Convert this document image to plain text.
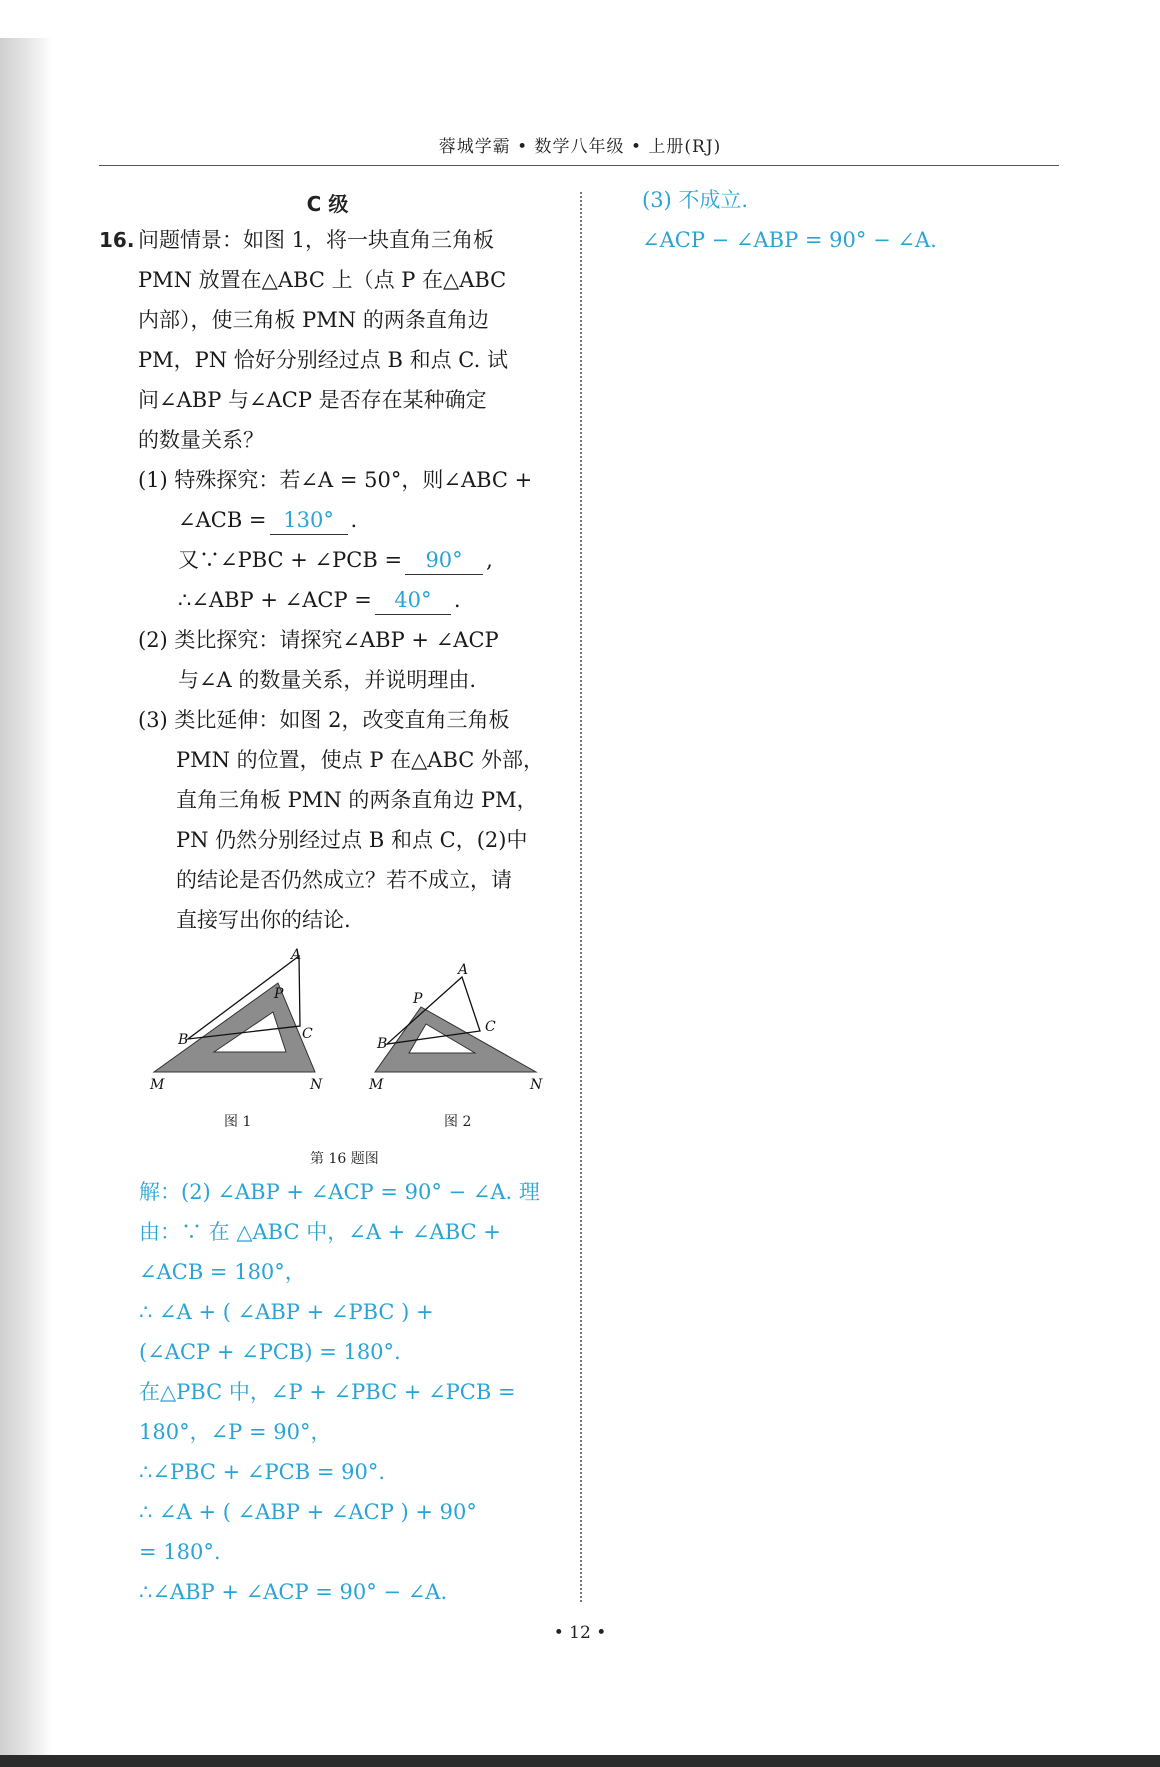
蓉城学霸 • 数学八年级 • 上册(RJ)
C 级
16. 问题情景：如图 1，将一块直角三角板
PMN 放置在△ABC 上（点 P 在△ABC
内部），使三角板 PMN 的两条直角边
PM，PN 恰好分别经过点 B 和点 C. 试
问∠ABP 与∠ACP 是否存在某种确定
的数量关系？
(1) 特殊探究：若∠A = 50°，则∠ABC +
∠ACB = 130° .
又∵∠PBC + ∠PCB = 90° ,
∴∠ABP + ∠ACP = 40° .
(2) 类比探究：请探究∠ABP + ∠ACP
与∠A 的数量关系，并说明理由.
(3) 类比延伸：如图 2，改变直角三角板
PMN 的位置，使点 P 在△ABC 外部，
直角三角板 PMN 的两条直角边 PM，
PN 仍然分别经过点 B 和点 C，(2)中
的结论是否仍然成立？若不成立，请
直接写出你的结论.
A
P
B	C
M	N
A
P
B
C
M	N
图 1	图 2
第 16 题图
解：(2) ∠ABP + ∠ACP = 90° − ∠A. 理
由：∵ 在 △ABC 中，∠A + ∠ABC +
∠ACB = 180°，
∴ ∠A + ( ∠ABP + ∠PBC ) +
(∠ACP + ∠PCB) = 180°.
在△PBC 中，∠P + ∠PBC + ∠PCB =
180°，∠P = 90°，
∴∠PBC + ∠PCB = 90°.
∴ ∠A + ( ∠ABP + ∠ACP ) + 90°
= 180°.
∴∠ABP + ∠ACP = 90° − ∠A.
(3) 不成立.
∠ACP − ∠ABP = 90° − ∠A.
• 12 •
